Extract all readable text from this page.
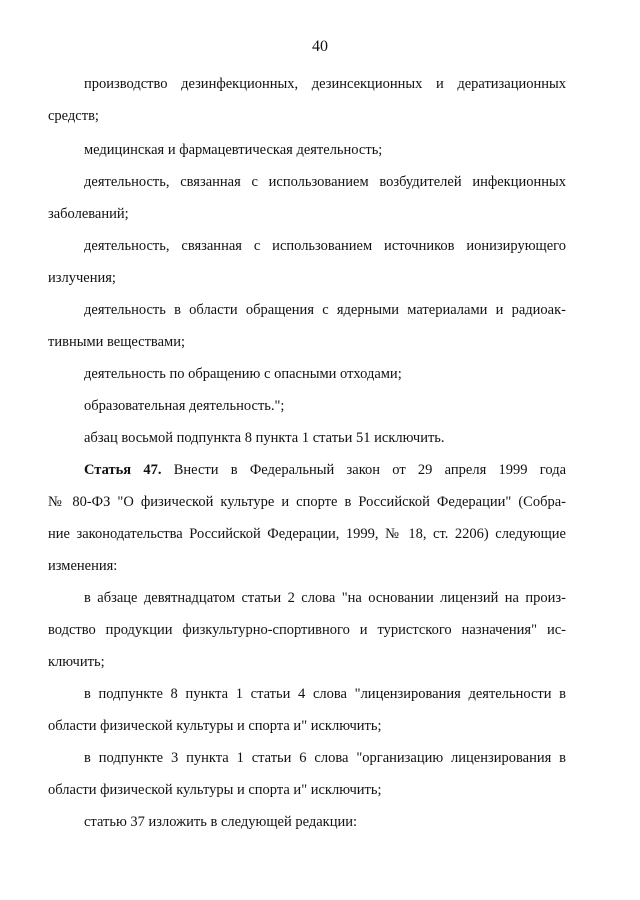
40
производство дезинфекционных, дезинсекционных и дератизационных
средств;
медицинская и фармацевтическая деятельность;
деятельность, связанная с использованием возбудителей инфекционных
заболеваний;
деятельность, связанная с использованием источников ионизирующего
излучения;
деятельность в области обращения с ядерными материалами и радиоак-
тивными веществами;
деятельность по обращению с опасными отходами;
образовательная деятельность.";
абзац восьмой подпункта 8 пункта 1 статьи 51 исключить.
Статья 47. Внести в Федеральный закон от 29 апреля 1999 года
№ 80-ФЗ "О физической культуре и спорте в Российской Федерации" (Собра-
ние законодательства Российской Федерации, 1999, № 18, ст. 2206) следующие
изменения:
в абзаце девятнадцатом статьи 2 слова "на основании лицензий на произ-
водство продукции физкультурно-спортивного и туристского назначения" ис-
ключить;
в подпункте 8 пункта 1 статьи 4 слова "лицензирования деятельности в
области физической культуры и спорта и" исключить;
в подпункте 3 пункта 1 статьи 6 слова "организацию лицензирования в
области физической культуры и спорта и" исключить;
статью 37 изложить в следующей редакции:
